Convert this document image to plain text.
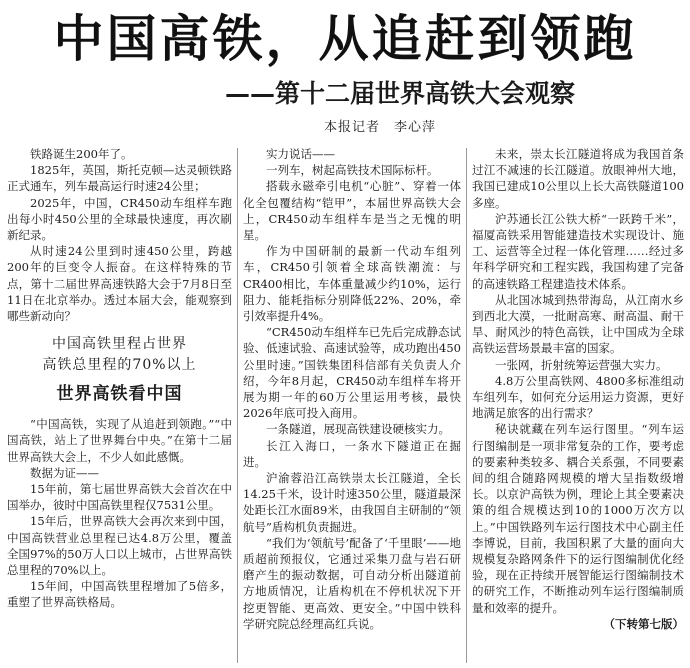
中国高铁，从追赶到领跑
——第十二届世界高铁大会观察
本报记者　李心萍

铁路诞生200年了。

1825年，英国，斯托克顿—达灵顿铁路正式通车，列车最高运行时速24公里；

2025年，中国，CR450动车组样车跑出每小时450公里的全球最快速度，再次刷新纪录。

从时速24公里到时速450公里，跨越200年的巨变令人振奋。在这样特殊的节点，第十二届世界高速铁路大会于7月8日至11日在北京举办。透过本届大会，能观察到哪些新动向？

中国高铁里程占世界
高铁总里程的70%以上
世界高铁看中国

“中国高铁，实现了从追赶到领跑。”“中国高铁，站上了世界舞台中央。”在第十二届世界高铁大会上，不少人如此感慨。

数据为证——

15年前，第七届世界高铁大会首次在中国举办，彼时中国高铁里程仅7531公里。

15年后，世界高铁大会再次来到中国，中国高铁营业总里程已达4.8万公里，覆盖全国97%的50万人口以上城市，占世界高铁总里程的70%以上。

15年间，中国高铁里程增加了5倍多，重塑了世界高铁格局。

实力说话——

一列车，树起高铁技术国际标杆。

搭载永磁牵引电机“心脏”、穿着一体化全包覆结构“铠甲”，本届世界高铁大会上，CR450动车组样车是当之无愧的明星。

作为中国研制的最新一代动车组列车，CR450引领着全球高铁潮流：与CR400相比，车体重量减少约10%，运行阻力、能耗指标分别降低22%、20%，牵引效率提升4%。

“CR450动车组样车已先后完成静态试验、低速试验、高速试验等，成功跑出450公里时速。”国铁集团科信部有关负责人介绍，今年8月起，CR450动车组样车将开展为期一年的60万公里运用考核，最快2026年底可投入商用。

一条隧道，展现高铁建设硬核实力。

长江入海口，一条水下隧道正在掘进。

沪渝蓉沿江高铁崇太长江隧道，全长14.25千米，设计时速350公里，隧道最深处距长江水面89米，由我国自主研制的“领航号”盾构机负责掘进。

“我们为‘领航号’配备了‘千里眼’——地质超前预报仪，它通过采集刀盘与岩石研磨产生的振动数据，可自动分析出隧道前方地质情况，让盾构机在不停机状况下开挖更智能、更高效、更安全。”中国中铁科学研究院总经理高红兵说。

未来，崇太长江隧道将成为我国首条过江不减速的长江隧道。放眼神州大地，我国已建成10公里以上长大高铁隧道100多座。

沪苏通长江公铁大桥“一跃跨千米”，福厦高铁采用智能建造技术实现设计、施工、运营等全过程一体化管理……经过多年科学研究和工程实践，我国构建了完备的高速铁路工程建造技术体系。

从北国冰城到热带海岛，从江南水乡到西北大漠，一批耐高寒、耐高温、耐干旱、耐风沙的特色高铁，让中国成为全球高铁运营场景最丰富的国家。

一张网，折射统筹运营强大实力。

4.8万公里高铁网、4800多标准组动车组列车，如何充分运用运力资源，更好地满足旅客的出行需求？

秘诀就藏在列车运行图里。“列车运行图编制是一项非常复杂的工作，要考虑的要素种类较多、耦合关系强，不同要素间的组合随路网规模的增大呈指数级增长。以京沪高铁为例，理论上其全要素决策的组合规模达到10的1000万次方以上。”中国铁路列车运行图技术中心副主任李博说，目前，我国积累了大量的面向大规模复杂路网条件下的运行图编制优化经验，现在正持续开展智能运行图编制技术的研究工作，不断推动列车运行图编制质量和效率的提升。

（下转第七版）
